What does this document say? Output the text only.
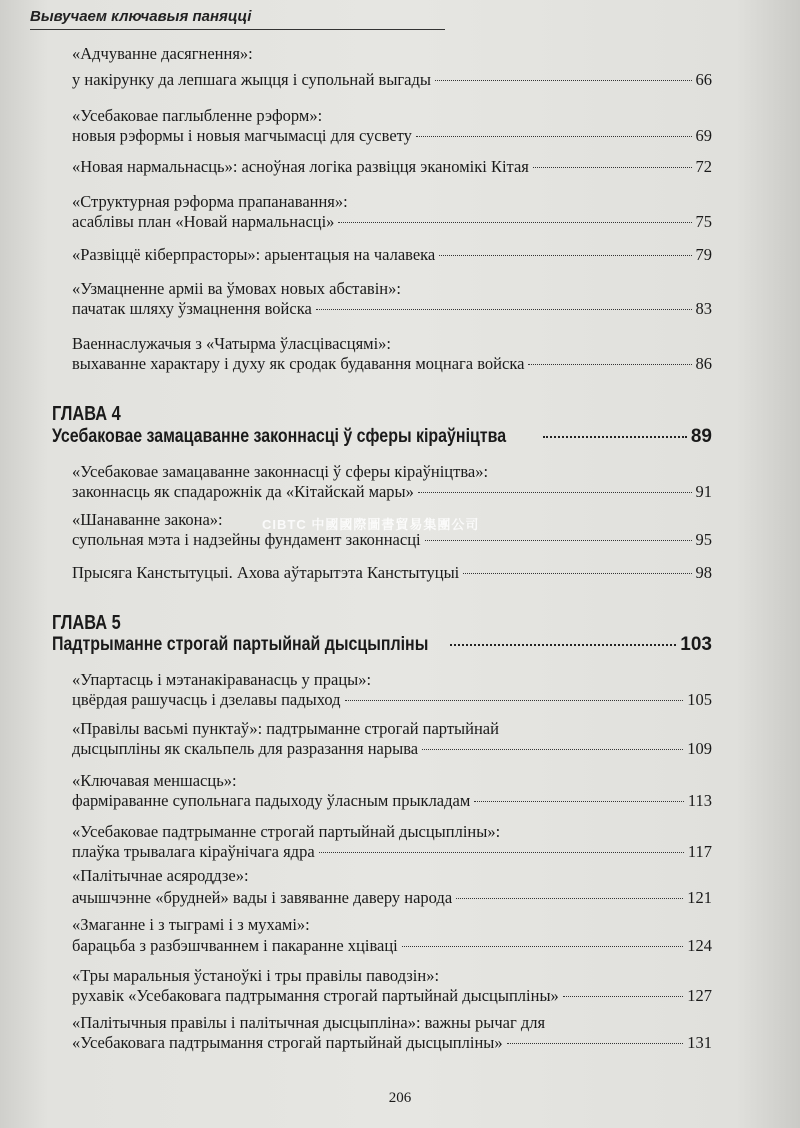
Вывучаем ключавыя паняцці
«Адчуванне дасягнення»:
у накірунку да лепшага жыцця і супольнай выгады	66
«Усебаковае паглыбленне рэформ»:
новыя рэформы і новыя магчымасці для сусвету	69
«Новая нармальнасць»: асноўная логіка развіцця эканомікі Кітая	72
«Структурная рэформа прапанавання»:
асаблівы план «Новай нармальнасці»	75
«Развіццё кіберпрасторы»: арыентацыя на чалавека	79
«Узмацненне арміі ва ўмовах новых абставін»:
пачатак шляху ўзмацнення войска	83
Ваеннаслужачыя з «Чатырма ўласцівасцямі»:
выхаванне характару і духу як сродак будавання моцнага войска	86
ГЛАВА 4
Усебаковае замацаванне законнасці ў сферы кіраўніцтва	89
«Усебаковае замацаванне законнасці ў сферы кіраўніцтва»:
законнасць як спадарожнік да «Кітайскай мары»	91
«Шанаванне закона»:
супольная мэта і надзейны фундамент законнасці	95
Прысяга Канстытуцыі. Ахова аўтарытэта Канстытуцыі	98
ГЛАВА 5
Падтрыманне строгай партыйнай дысцыпліны	103
«Упартасць і мэтанакіраванасць у працы»:
цвёрдая рашучасць і дзелавы падыход	105
«Правілы васьмі пунктаў»: падтрыманне строгай партыйнай
дысцыпліны як скальпель для разразання нарыва	109
«Ключавая меншасць»:
фарміраванне супольнага падыходу ўласным прыкладам	113
«Усебаковае падтрыманне строгай партыйнай дысцыпліны»:
плаўка трывалага кіраўнічага ядра	117
«Палітычнае асяроддзе»:
ачышчэнне «брудней» вады і завяванне даверу народа	121
«Змаганне і з тыграмі і з мухамі»:
барацьба з разбэшчваннем і пакаранне хціваці	124
«Тры маральныя ўстаноўкі і тры правілы паводзін»:
рухавік «Усебаковага падтрымання строгай партыйнай дысцыпліны»	127
«Палітычныя правілы і палітычная дысцыпліна»: важны рычаг для
«Усебаковага падтрымання строгай партыйнай дысцыпліны»	131
CIBTC 中國國際圖書貿易集團公司
206
